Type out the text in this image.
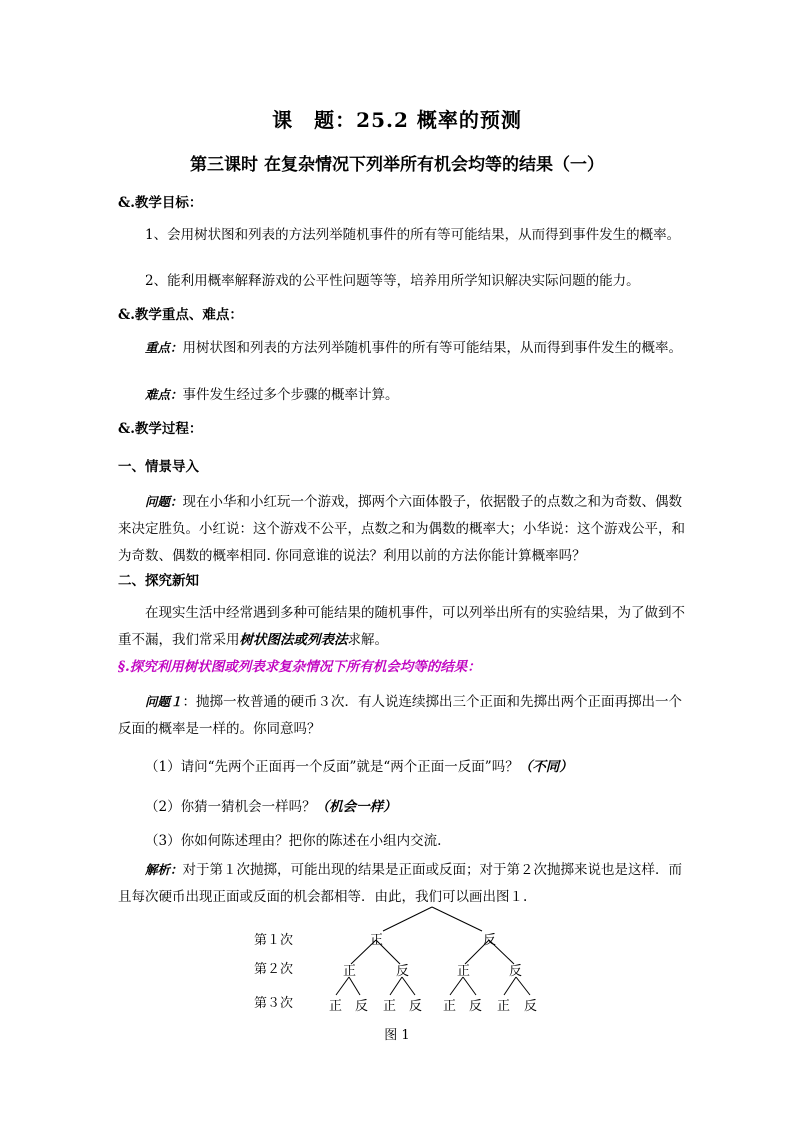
课　题：25.2 概率的预测
第三课时 在复杂情况下列举所有机会均等的结果（一）
&.教学目标：
1、会用树状图和列表的方法列举随机事件的所有等可能结果，从而得到事件发生的概率。
2、能利用概率解释游戏的公平性问题等等，培养用所学知识解决实际问题的能力。
&.教学重点、难点：
重点：用树状图和列表的方法列举随机事件的所有等可能结果，从而得到事件发生的概率。
难点：事件发生经过多个步骤的概率计算。
&.教学过程：
一、情景导入
问题：现在小华和小红玩一个游戏，掷两个六面体骰子，依据骰子的点数之和为奇数、偶数来决定胜负。小红说：这个游戏不公平，点数之和为偶数的概率大；小华说：这个游戏公平，和为奇数、偶数的概率相同. 你同意谁的说法？利用以前的方法你能计算概率吗？
二、探究新知
在现实生活中经常遇到多种可能结果的随机事件，可以列举出所有的实验结果，为了做到不重不漏，我们常采用树状图法或列表法求解。
§.探究利用树状图或列表求复杂情况下所有机会均等的结果：
问题１：抛掷一枚普通的硬币３次．有人说连续掷出三个正面和先掷出两个正面再掷出一个反面的概率是一样的。你同意吗？
（1）请问“先两个正面再一个反面”就是“两个正面一反面”吗？（不同）
（2）你猜一猜机会一样吗？（机会一样）
（3）你如何陈述理由？把你的陈述在小组内交流.
解析：对于第１次抛掷，可能出现的结果是正面或反面；对于第２次抛掷来说也是这样．而且每次硬币出现正面或反面的机会都相等．由此，我们可以画出图１.
第１次
第２次
第３次
正	反
正	反	正	反
正 反 正 反 正 反 正 反
图 1
